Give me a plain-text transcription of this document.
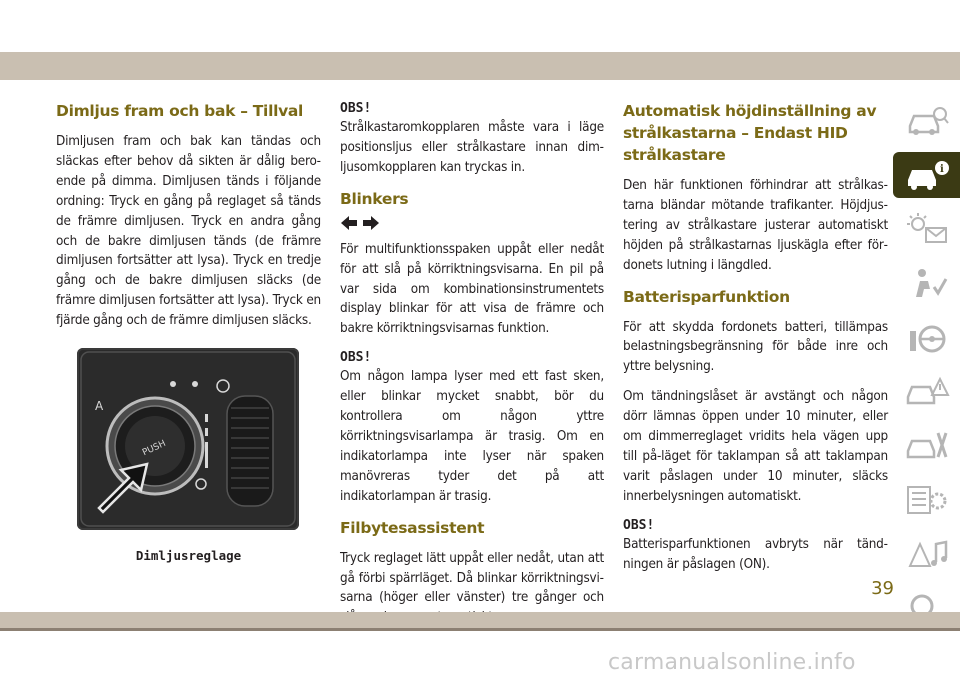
Dimljus fram och bak – Tillval

Dimljusen fram och bak kan tändas och släckas efter behov då sikten är dålig beroende på dimma. Dimljusen tänds i följande ordning: Tryck en gång på reglaget så tänds de främre dimljusen. Tryck en andra gång och de bakre dimljusen tänds (de främre dimljusen fortsätter att lysa). Tryck en tredje gång och de bakre dimljusen släcks (de främre dimljusen fortsätter att lysa). Tryck en fjärde gång och de främre dimljusen släcks.

PUSH
A
Dimljusreglage
OBS!

Strålkastaromkopplaren måste vara i läge positionsljus eller strålkastare innan dimljusomkopplaren kan tryckas in.

Blinkers

För multifunktionsspaken uppåt eller nedåt för att slå på körriktningsvisarna. En pil på var sida om kombinationsinstrumentets display blinkar för att visa de främre och bakre körriktningsvisarnas funktion.

OBS!

Om någon lampa lyser med ett fast sken, eller blinkar mycket snabbt, bör du kontrollera om någon yttre körriktningsvisarlampa är trasig. Om en indikatorlampa inte lyser när spaken manövreras tyder det på att indikatorlampan är trasig.

Filbytesassistent

Tryck reglaget lätt uppåt eller nedåt, utan att gå förbi spärrläget. Då blinkar körriktningsvisarna (höger eller vänster) tre gånger och

Automatisk höjdinställning av strålkastarna – Endast HID strålkastare

Den här funktionen förhindrar att strålkastarna bländar mötande trafikanter. Höjdjustering av strålkastare justerar automatiskt höjden på strålkastarnas ljuskägla efter fördonets lutning i längdled.

Batterisparfunktion

För att skydda fordonets batteri, tillämpas belastningsbegränsning för både inre och yttre belysning.

Om tändningslåset är avstängt och någon dörr lämnas öppen under 10 minuter, eller om dimmerreglaget vridits hela vägen upp till på-läget för taklampan så att taklampan varit påslagen under 10 minuter, släcks innerbelysningen automatiskt.

OBS!

Batterisparfunktionen avbryts när tändningen är påslagen (ON).

i
39
carmanualsonline.info
